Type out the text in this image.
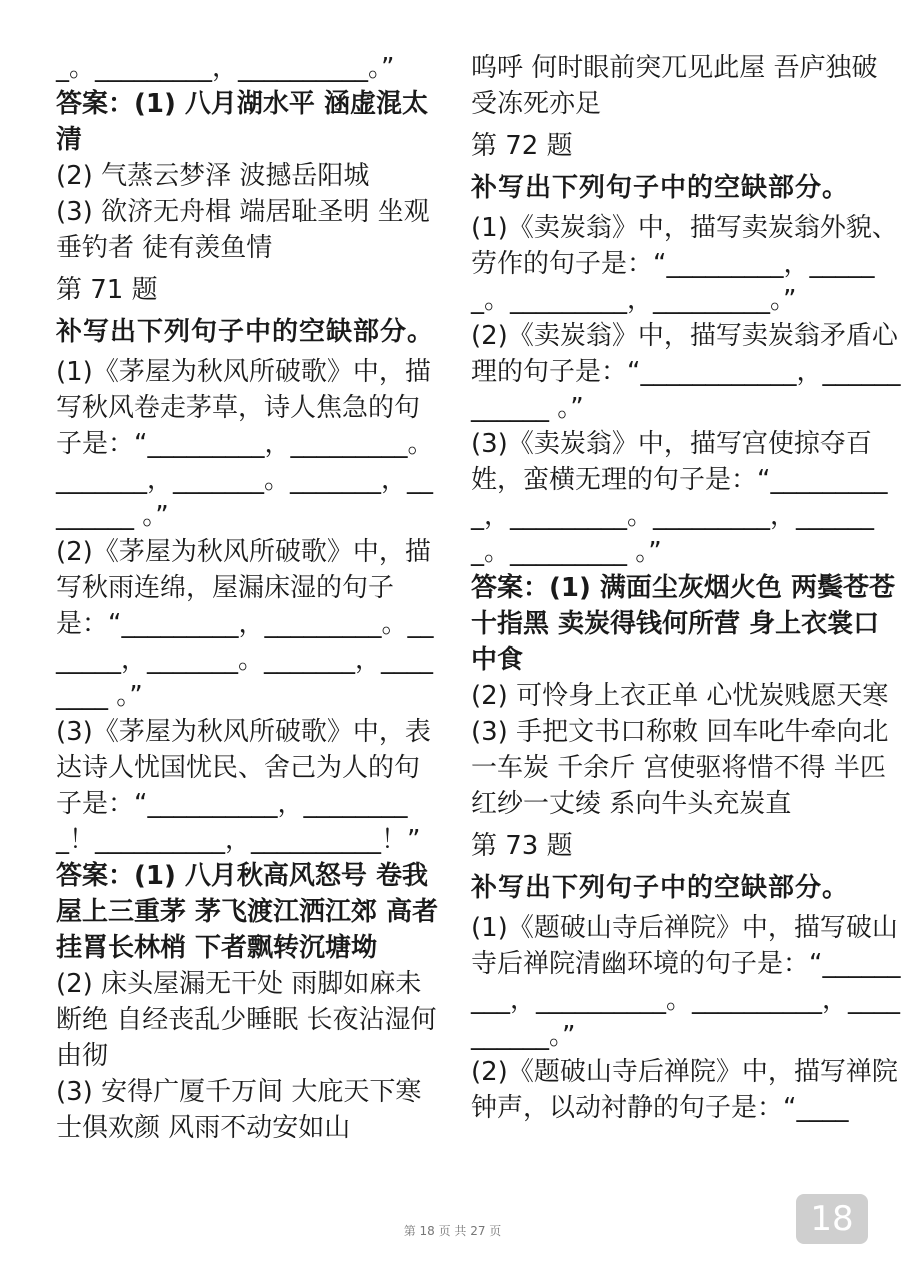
_。_________，__________。”

答案：(1) 八月湖水平 涵虚混太清

(2) 气蒸云梦泽 波撼岳阳城

(3) 欲济无舟楫 端居耻圣明 坐观垂钓者 徒有羡鱼情

第 71 题

补写出下列句子中的空缺部分。

(1)《茅屋为秋风所破歌》中，描写秋风卷走茅草，诗人焦急的句子是：“_________，_________。_______，_______。_______，________ 。”

(2)《茅屋为秋风所破歌》中，描写秋雨连绵，屋漏床湿的句子是：“_________，_________。_______，_______。_______，________ 。”

(3)《茅屋为秋风所破歌》中，表达诗人忧国忧民、舍己为人的句子是：“__________，_________！__________，__________！”

答案：(1) 八月秋高风怒号 卷我屋上三重茅 茅飞渡江洒江郊 高者挂罥长林梢 下者飘转沉塘坳

(2) 床头屋漏无干处 雨脚如麻未断绝 自经丧乱少睡眠 长夜沾湿何由彻

(3) 安得广厦千万间 大庇天下寒士俱欢颜 风雨不动安如山

呜呼 何时眼前突兀见此屋 吾庐独破受冻死亦足

第 72 题

补写出下列句子中的空缺部分。

(1)《卖炭翁》中，描写卖炭翁外貌、劳作的句子是：“_________，______。_________，_________。”

(2)《卖炭翁》中，描写卖炭翁矛盾心理的句子是：“____________，____________ 。”

(3)《卖炭翁》中，描写宫使掠夺百姓，蛮横无理的句子是：“__________，_________。_________，_______。_________ 。”

答案：(1) 满面尘灰烟火色 两鬓苍苍十指黑 卖炭得钱何所营 身上衣裳口中食

(2) 可怜身上衣正单 心忧炭贱愿天寒

(3) 手把文书口称敕 回车叱牛牵向北 一车炭 千余斤 宫使驱将惜不得 半匹红纱一丈绫 系向牛头充炭直

第 73 题

补写出下列句子中的空缺部分。

(1)《题破山寺后禅院》中，描写破山寺后禅院清幽环境的句子是：“_________，__________。__________，__________。”

(2)《题破山寺后禅院》中，描写禅院钟声，以动衬静的句子是：“____

第 18 页 共 27 页	18
